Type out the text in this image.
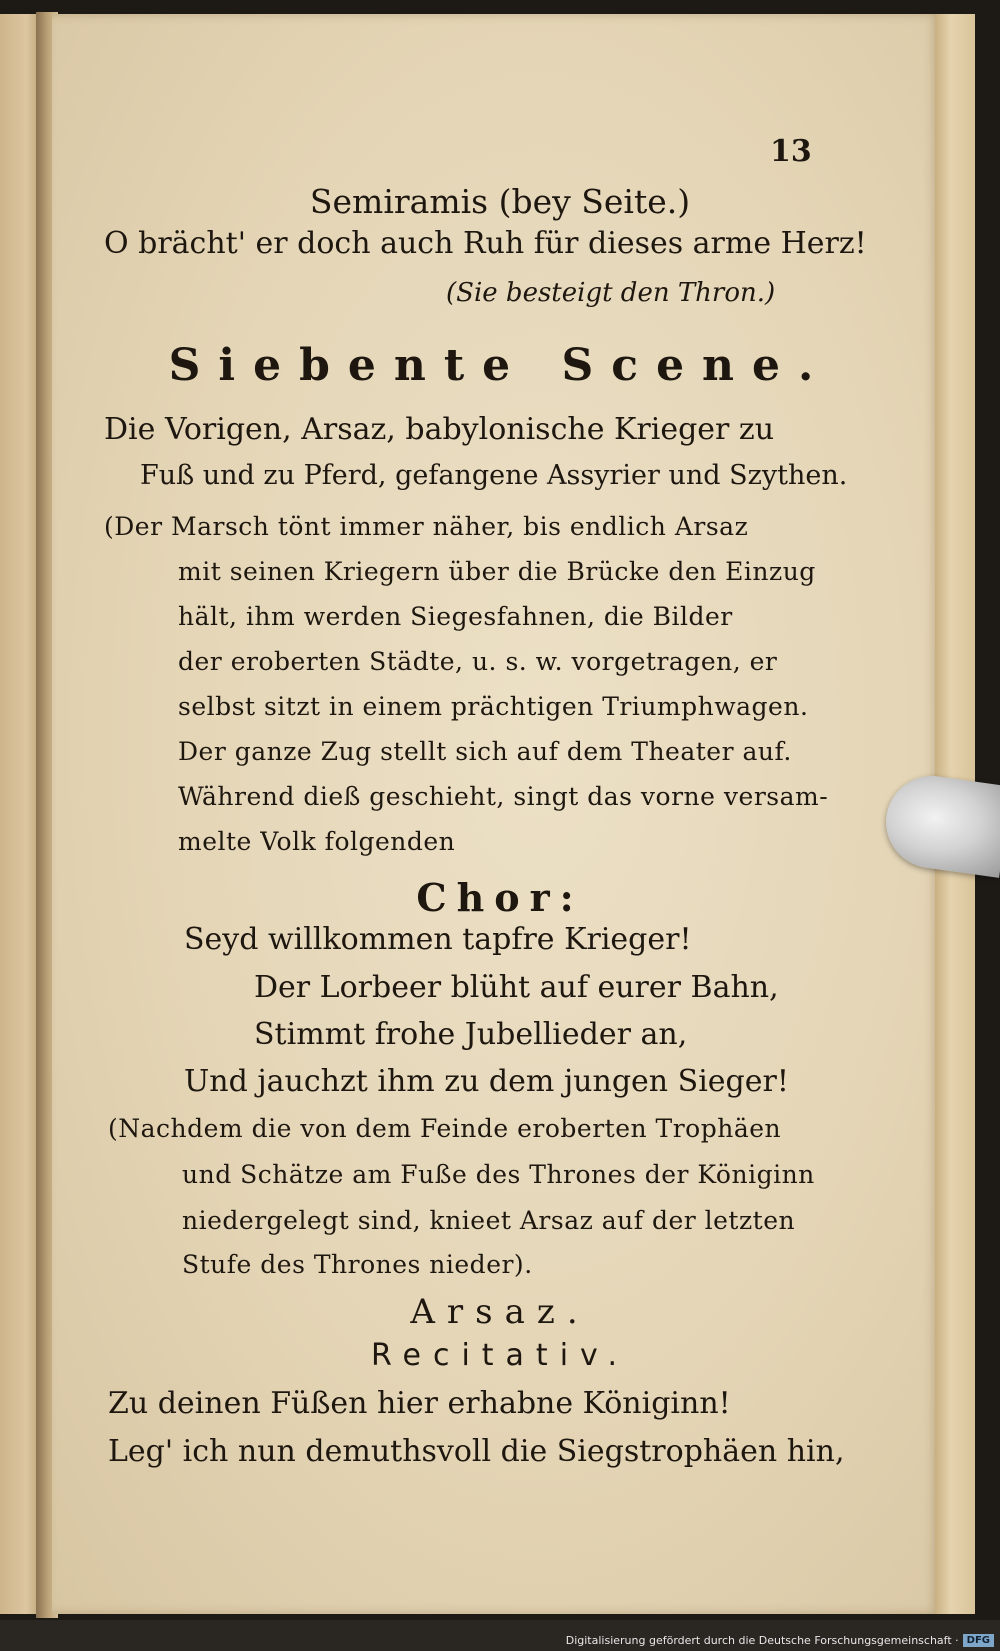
13

Semiramis (bey Seite.)

O brächt' er doch auch Ruh für dieses arme Herz!

(Sie besteigt den Thron.)

Siebente Scene.

Die Vorigen, Arsaz, babylonische Krieger zu

Fuß und zu Pferd, gefangene Assyrier und Szythen.

(Der Marsch tönt immer näher, bis endlich Arsaz

mit seinen Kriegern über die Brücke den Einzug

hält, ihm werden Siegesfahnen, die Bilder

der eroberten Städte, u. s. w. vorgetragen, er

selbst sitzt in einem prächtigen Triumphwagen.

Der ganze Zug stellt sich auf dem Theater auf.

Während dieß geschieht, singt das vorne versam-

melte Volk folgenden

Chor:

Seyd willkommen tapfre Krieger!

Der Lorbeer blüht auf eurer Bahn,

Stimmt frohe Jubellieder an,

Und jauchzt ihm zu dem jungen Sieger!

(Nachdem die von dem Feinde eroberten Trophäen

und Schätze am Fuße des Thrones der Königinn

niedergelegt sind, knieet Arsaz auf der letzten

Stufe des Thrones nieder).

Arsaz.

Recitativ.

Zu deinen Füßen hier erhabne Königinn!

Leg' ich nun demuthsvoll die Siegstrophäen hin,

Digitalisierung gefördert durch die Deutsche Forschungsgemeinschaft · DFG
